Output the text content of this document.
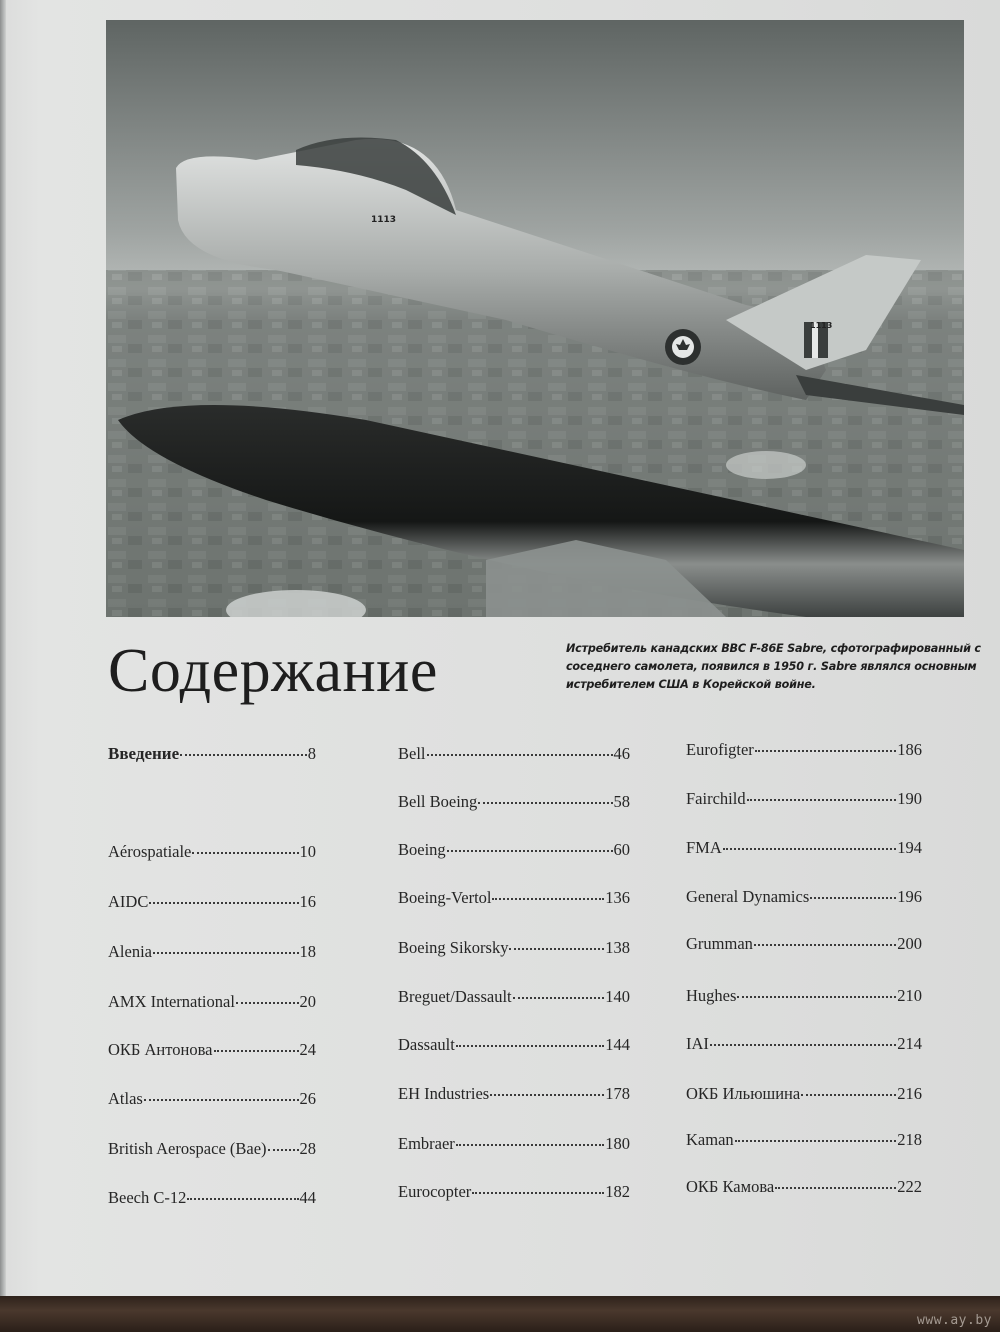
1113
1113
Содержание	Истребитель канадских ВВС F-86E Sabre, сфотографированный с соседнего самолета, появился в 1950 г. Sabre являлся основным истребителем США в Корейской войне.
Введение	8
Aérospatiale	10
AIDC	16
Alenia	18
AMX International	20
ОКБ Антонова	24
Atlas	26
British Aerospace (Bae) 28
Beech C-12	44
Bell	46
Bell Boeing	58
Boeing	60
Boeing-Vertol	136
Boeing Sikorsky	138
Breguet/Dassault	140
Dassault	144
EH Industries	178
Embraer	180
Eurocopter	182
Eurofigter	186
Fairchild	190
FMA	194
General Dynamics	196
Grumman	200
Hughes	210
IAI	214
ОКБ Ильюшина	216
Kaman	218
ОКБ Камова	222
www.ay.by
